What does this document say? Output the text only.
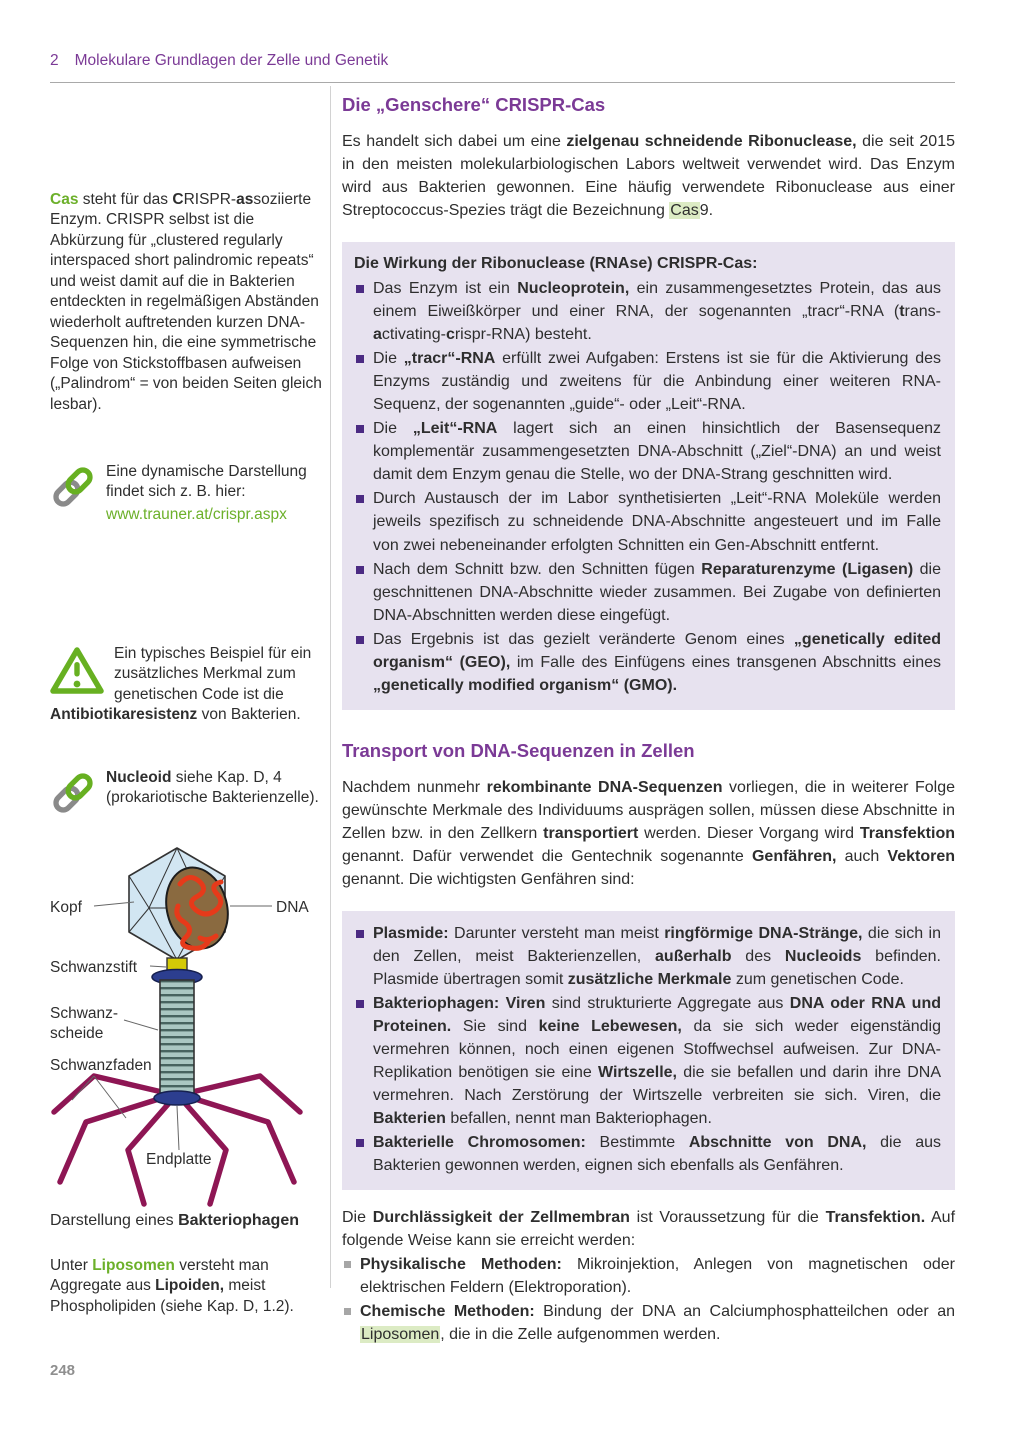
2 Molekulare Grundlagen der Zelle und Genetik
Cas steht für das CRISPR-assoziierte Enzym. CRISPR selbst ist die Abkürzung für „clustered regularly interspaced short palindromic repeats“ und weist damit auf die in Bakterien entdeckten in regelmäßigen Abständen wiederholt auftretenden kurzen DNA-Sequenzen hin, die eine symmetrische Folge von Stickstoffbasen aufweisen („Palindrom“ = von beiden Seiten gleich lesbar).
Eine dynamische Darstellung findet sich z. B. hier:
www.trauner.at/crispr.aspx
Ein typisches Beispiel für ein zusätzliches Merkmal zum genetischen Code ist die Antibiotikaresistenz von Bakterien.
Nucleoid siehe Kap. D, 4 (prokariotische Bakterienzelle).
Kopf	DNA
Schwanzstift
Schwanz-
scheide
Schwanzfaden
Endplatte
Darstellung eines Bakteriophagen
Unter Liposomen versteht man Aggregate aus Lipoiden, meist Phospholipiden (siehe Kap. D, 1.2).
248
Die „Genschere“ CRISPR-Cas
Es handelt sich dabei um eine zielgenau schneidende Ribonuclease, die seit 2015 in den meisten molekularbiologischen Labors weltweit verwendet wird. Das Enzym wird aus Bakterien gewonnen. Eine häufig verwendete Ribonuclease aus einer Streptococcus-Spezies trägt die Bezeichnung Cas9.
Die Wirkung der Ribonuclease (RNAse) CRISPR-Cas:
Das Enzym ist ein Nucleoprotein, ein zusammengesetztes Protein, das aus einem Eiweißkörper und einer RNA, der sogenannten „tracr“-RNA (trans-activating-crispr-RNA) besteht.
Die „tracr“-RNA erfüllt zwei Aufgaben: Erstens ist sie für die Aktivierung des Enzyms zuständig und zweitens für die Anbindung einer weiteren RNA-Sequenz, der sogenannten „guide“- oder „Leit“-RNA.
Die „Leit“-RNA lagert sich an einen hinsichtlich der Basensequenz komplementär zusammengesetzten DNA-Abschnitt („Ziel“-DNA) an und weist damit dem Enzym genau die Stelle, wo der DNA-Strang geschnitten wird.
Durch Austausch der im Labor synthetisierten „Leit“-RNA Moleküle werden jeweils spezifisch zu schneidende DNA-Abschnitte angesteuert und im Falle von zwei nebeneinander erfolgten Schnitten ein Gen-Abschnitt entfernt.
Nach dem Schnitt bzw. den Schnitten fügen Reparaturenzyme (Ligasen) die geschnittenen DNA-Abschnitte wieder zusammen. Bei Zugabe von definierten DNA-Abschnitten werden diese eingefügt.
Das Ergebnis ist das gezielt veränderte Genom eines „genetically edited organism“ (GEO), im Falle des Einfügens eines transgenen Abschnitts eines „genetically modified organism“ (GMO).
Transport von DNA-Sequenzen in Zellen
Nachdem nunmehr rekombinante DNA-Sequenzen vorliegen, die in weiterer Folge gewünschte Merkmale des Individuums ausprägen sollen, müssen diese Abschnitte in Zellen bzw. in den Zellkern transportiert werden. Dieser Vorgang wird Transfektion genannt. Dafür verwendet die Gentechnik sogenannte Genfähren, auch Vektoren genannt. Die wichtigsten Genfähren sind:
Plasmide: Darunter versteht man meist ringförmige DNA-Stränge, die sich in den Zellen, meist Bakterienzellen, außerhalb des Nucleoids befinden. Plasmide übertragen somit zusätzliche Merkmale zum genetischen Code.
Bakteriophagen: Viren sind strukturierte Aggregate aus DNA oder RNA und Proteinen. Sie sind keine Lebewesen, da sie sich weder eigenständig vermehren können, noch einen eigenen Stoffwechsel aufweisen. Zur DNA-Replikation benötigen sie eine Wirtszelle, die sie befallen und darin ihre DNA vermehren. Nach Zerstörung der Wirtszelle verbreiten sie sich. Viren, die Bakterien befallen, nennt man Bakteriophagen.
Bakterielle Chromosomen: Bestimmte Abschnitte von DNA, die aus Bakterien gewonnen werden, eignen sich ebenfalls als Genfähren.
Die Durchlässigkeit der Zellmembran ist Voraussetzung für die Transfektion. Auf folgende Weise kann sie erreicht werden:
Physikalische Methoden: Mikroinjektion, Anlegen von magnetischen oder elektrischen Feldern (Elektroporation).
Chemische Methoden: Bindung der DNA an Calciumphosphatteilchen oder an Liposomen, die in die Zelle aufgenommen werden.
